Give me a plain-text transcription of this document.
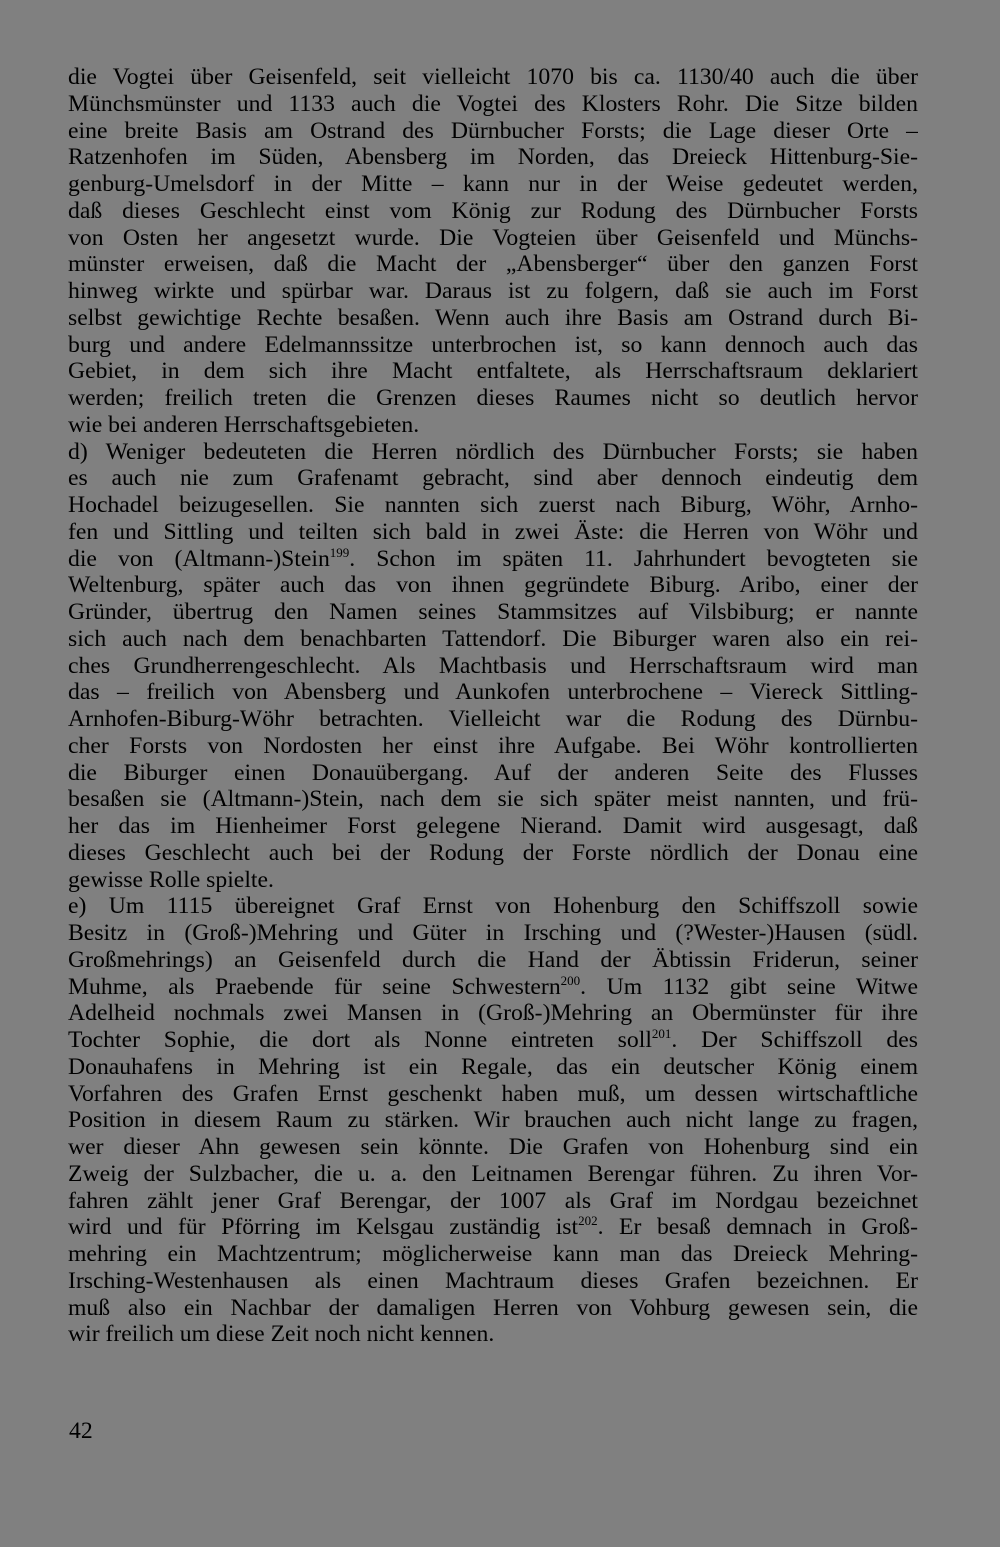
die Vogtei über Geisenfeld, seit vielleicht 1070 bis ca. 1130/40 auch die über
Münchsmünster und 1133 auch die Vogtei des Klosters Rohr. Die Sitze bilden
eine breite Basis am Ostrand des Dürnbucher Forsts; die Lage dieser Orte –
Ratzenhofen im Süden, Abensberg im Norden, das Dreieck Hittenburg-Sie-
genburg-Umelsdorf in der Mitte – kann nur in der Weise gedeutet werden,
daß dieses Geschlecht einst vom König zur Rodung des Dürnbucher Forsts
von Osten her angesetzt wurde. Die Vogteien über Geisenfeld und Münchs-
münster erweisen, daß die Macht der „Abensberger“ über den ganzen Forst
hinweg wirkte und spürbar war. Daraus ist zu folgern, daß sie auch im Forst
selbst gewichtige Rechte besaßen. Wenn auch ihre Basis am Ostrand durch Bi-
burg und andere Edelmannssitze unterbrochen ist, so kann dennoch auch das
Gebiet, in dem sich ihre Macht entfaltete, als Herrschaftsraum deklariert
werden; freilich treten die Grenzen dieses Raumes nicht so deutlich hervor
wie bei anderen Herrschaftsgebieten.
d) Weniger bedeuteten die Herren nördlich des Dürnbucher Forsts; sie haben
es auch nie zum Grafenamt gebracht, sind aber dennoch eindeutig dem
Hochadel beizugesellen. Sie nannten sich zuerst nach Biburg, Wöhr, Arnho-
fen und Sittling und teilten sich bald in zwei Äste: die Herren von Wöhr und
die von (Altmann-)Stein$^{199}$. Schon im späten 11. Jahrhundert bevogteten sie
Weltenburg, später auch das von ihnen gegründete Biburg. Aribo, einer der
Gründer, übertrug den Namen seines Stammsitzes auf Vilsbiburg; er nannte
sich auch nach dem benachbarten Tattendorf. Die Biburger waren also ein rei-
ches Grundherrengeschlecht. Als Machtbasis und Herrschaftsraum wird man
das – freilich von Abensberg und Aunkofen unterbrochene – Viereck Sittling-
Arnhofen-Biburg-Wöhr betrachten. Vielleicht war die Rodung des Dürnbu-
cher Forsts von Nordosten her einst ihre Aufgabe. Bei Wöhr kontrollierten
die Biburger einen Donauübergang. Auf der anderen Seite des Flusses
besaßen sie (Altmann-)Stein, nach dem sie sich später meist nannten, und frü-
her das im Hienheimer Forst gelegene Nierand. Damit wird ausgesagt, daß
dieses Geschlecht auch bei der Rodung der Forste nördlich der Donau eine
gewisse Rolle spielte.
e) Um 1115 übereignet Graf Ernst von Hohenburg den Schiffszoll sowie
Besitz in (Groß-)Mehring und Güter in Irsching und (?Wester-)Hausen (südl.
Großmehrings) an Geisenfeld durch die Hand der Äbtissin Friderun, seiner
Muhme, als Praebende für seine Schwestern$^{200}$. Um 1132 gibt seine Witwe
Adelheid nochmals zwei Mansen in (Groß-)Mehring an Obermünster für ihre
Tochter Sophie, die dort als Nonne eintreten soll$^{201}$. Der Schiffszoll des
Donauhafens in Mehring ist ein Regale, das ein deutscher König einem
Vorfahren des Grafen Ernst geschenkt haben muß, um dessen wirtschaftliche
Position in diesem Raum zu stärken. Wir brauchen auch nicht lange zu fragen,
wer dieser Ahn gewesen sein könnte. Die Grafen von Hohenburg sind ein
Zweig der Sulzbacher, die u. a. den Leitnamen Berengar führen. Zu ihren Vor-
fahren zählt jener Graf Berengar, der 1007 als Graf im Nordgau bezeichnet
wird und für Pförring im Kelsgau zuständig ist$^{202}$. Er besaß demnach in Groß-
mehring ein Machtzentrum; möglicherweise kann man das Dreieck Mehring-
Irsching-Westenhausen als einen Machtraum dieses Grafen bezeichnen. Er
muß also ein Nachbar der damaligen Herren von Vohburg gewesen sein, die
wir freilich um diese Zeit noch nicht kennen.
42
